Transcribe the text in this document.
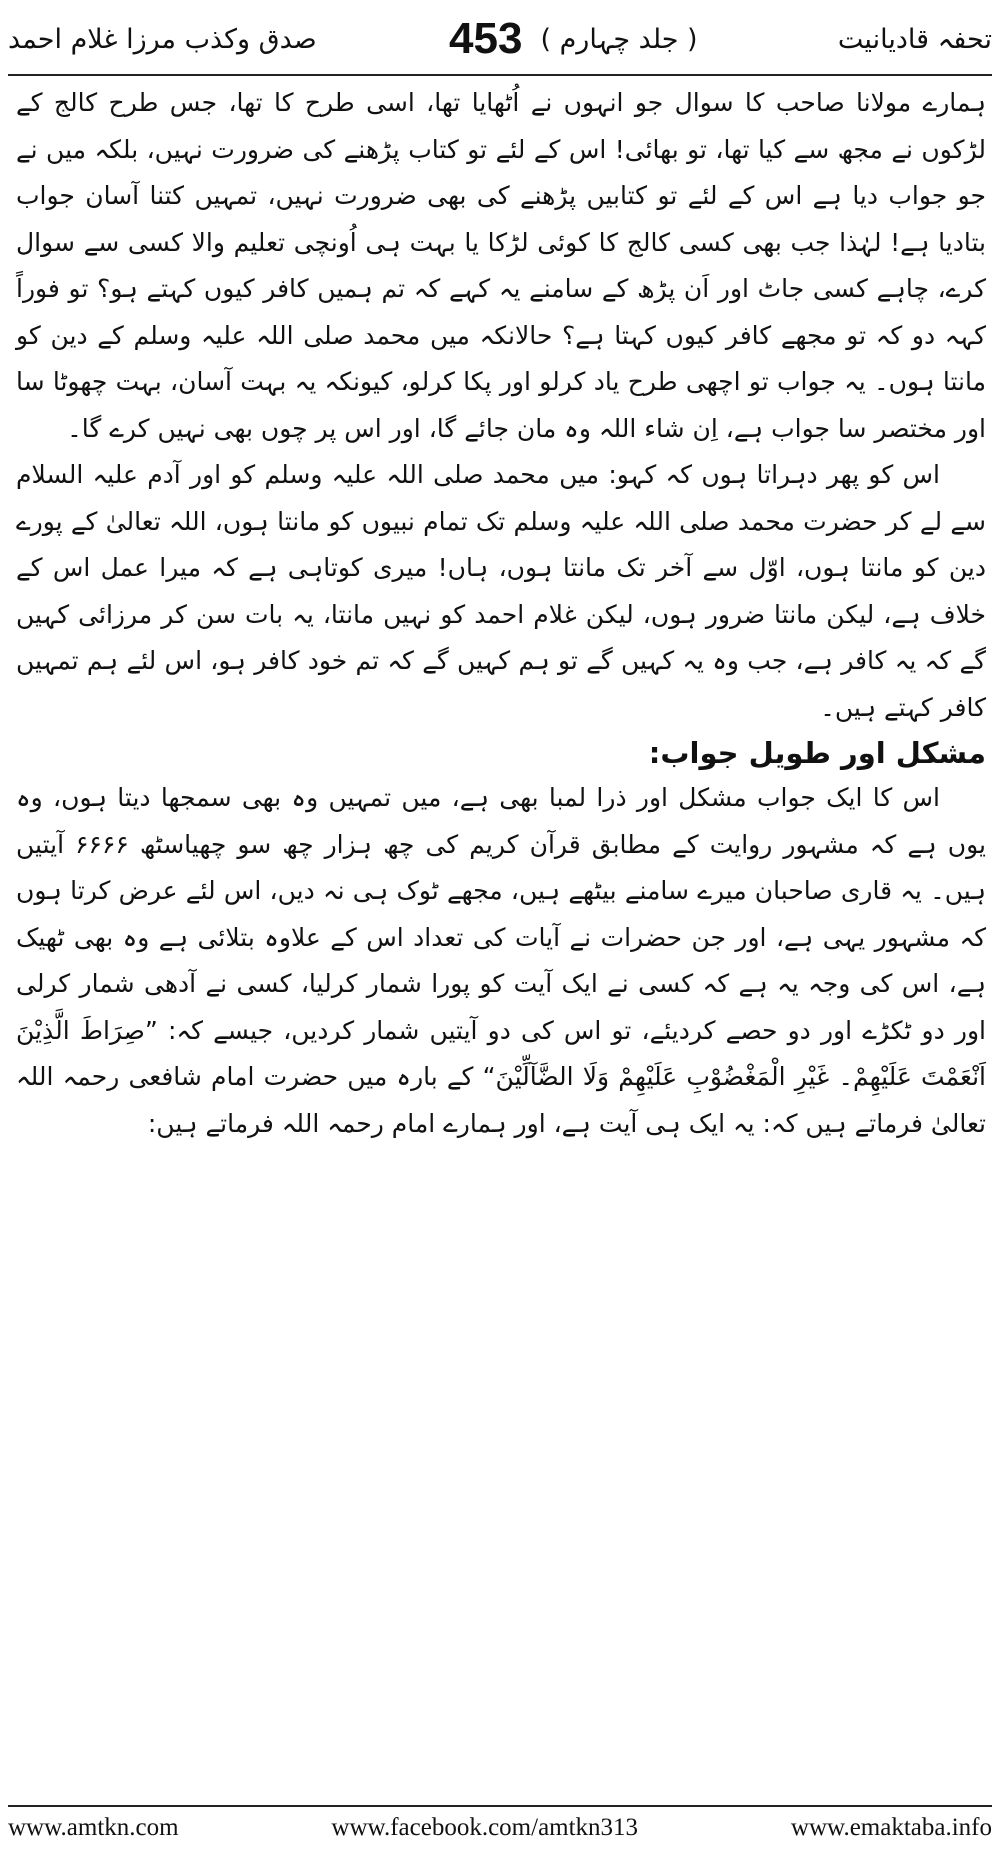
تحفہ قادیانیت
( جلد چہارم )
453
صدق وکذب مرزا غلام احمد

ہمارے مولانا صاحب کا سوال جو انہوں نے اُٹھایا تھا، اسی طرح کا تھا، جس طرح کالج کے لڑکوں نے مجھ سے کیا تھا، تو بھائی! اس کے لئے تو کتاب پڑھنے کی ضرورت نہیں، بلکہ میں نے جو جواب دیا ہے اس کے لئے تو کتابیں پڑھنے کی بھی ضرورت نہیں، تمہیں کتنا آسان جواب بتادیا ہے! لہٰذا جب بھی کسی کالج کا کوئی لڑکا یا بہت ہی اُونچی تعلیم والا کسی سے سوال کرے، چاہے کسی جاٹ اور اَن پڑھ کے سامنے یہ کہے کہ تم ہمیں کافر کیوں کہتے ہو؟ تو فوراً کہہ دو کہ تو مجھے کافر کیوں کہتا ہے؟ حالانکہ میں محمد صلی اللہ علیہ وسلم کے دین کو مانتا ہوں۔ یہ جواب تو اچھی طرح یاد کرلو اور پکا کرلو، کیونکہ یہ بہت آسان، بہت چھوٹا سا اور مختصر سا جواب ہے، اِن شاء اللہ وہ مان جائے گا، اور اس پر چوں بھی نہیں کرے گا۔

اس کو پھر دہراتا ہوں کہ کہو: میں محمد صلی اللہ علیہ وسلم کو اور آدم علیہ السلام سے لے کر حضرت محمد صلی اللہ علیہ وسلم تک تمام نبیوں کو مانتا ہوں، اللہ تعالیٰ کے پورے دین کو مانتا ہوں، اوّل سے آخر تک مانتا ہوں، ہاں! میری کوتاہی ہے کہ میرا عمل اس کے خلاف ہے، لیکن مانتا ضرور ہوں، لیکن غلام احمد کو نہیں مانتا، یہ بات سن کر مرزائی کہیں گے کہ یہ کافر ہے، جب وہ یہ کہیں گے تو ہم کہیں گے کہ تم خود کافر ہو، اس لئے ہم تمہیں کافر کہتے ہیں۔

مشکل اور طویل جواب:

اس کا ایک جواب مشکل اور ذرا لمبا بھی ہے، میں تمہیں وہ بھی سمجھا دیتا ہوں، وہ یوں ہے کہ مشہور روایت کے مطابق قرآن کریم کی چھ ہزار چھ سو چھیاسٹھ ۶۶۶۶ آیتیں ہیں۔ یہ قاری صاحبان میرے سامنے بیٹھے ہیں، مجھے ٹوک ہی نہ دیں، اس لئے عرض کرتا ہوں کہ مشہور یہی ہے، اور جن حضرات نے آیات کی تعداد اس کے علاوہ بتلائی ہے وہ بھی ٹھیک ہے، اس کی وجہ یہ ہے کہ کسی نے ایک آیت کو پورا شمار کرلیا، کسی نے آدھی شمار کرلی اور دو ٹکڑے اور دو حصے کردیئے، تو اس کی دو آیتیں شمار کردیں، جیسے کہ: ”صِرَاطَ الَّذِیْنَ اَنْعَمْتَ عَلَیْھِمْ۔ غَیْرِ الْمَغْضُوْبِ عَلَیْھِمْ وَلَا الضَّآلِّیْنَ“ کے بارہ میں حضرت امام شافعی رحمہ اللہ تعالیٰ فرماتے ہیں کہ: یہ ایک ہی آیت ہے، اور ہمارے امام رحمہ اللہ فرماتے ہیں:

www.amtkn.com	www.facebook.com/amtkn313	www.emaktaba.info
